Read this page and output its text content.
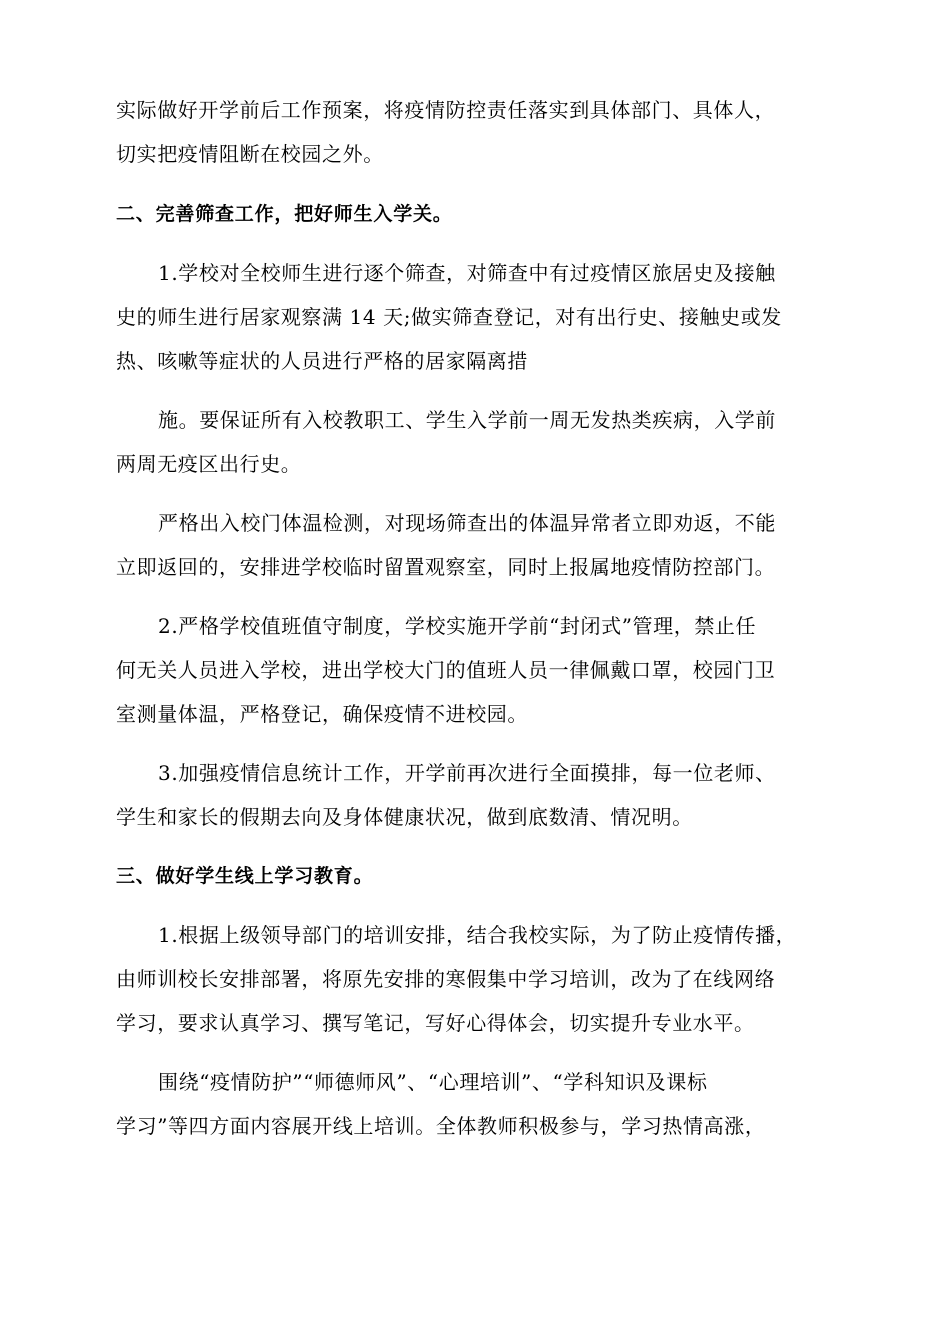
实际做好开学前后工作预案，将疫情防控责任落实到具体部门、具体人，
切实把疫情阻断在校园之外。
二、完善筛查工作，把好师生入学关。
1.学校对全校师生进行逐个筛查，对筛查中有过疫情区旅居史及接触
史的师生进行居家观察满 14 天;做实筛查登记，对有出行史、接触史或发
热、咳嗽等症状的人员进行严格的居家隔离措
施。要保证所有入校教职工、学生入学前一周无发热类疾病，入学前
两周无疫区出行史。
严格出入校门体温检测，对现场筛查出的体温异常者立即劝返，不能
立即返回的，安排进学校临时留置观察室，同时上报属地疫情防控部门。
2.严格学校值班值守制度，学校实施开学前“封闭式”管理，禁止任
何无关人员进入学校，进出学校大门的值班人员一律佩戴口罩，校园门卫
室测量体温，严格登记，确保疫情不进校园。
3.加强疫情信息统计工作，开学前再次进行全面摸排，每一位老师、
学生和家长的假期去向及身体健康状况，做到底数清、情况明。
三、做好学生线上学习教育。
1.根据上级领导部门的培训安排，结合我校实际，为了防止疫情传播，
由师训校长安排部署，将原先安排的寒假集中学习培训，改为了在线网络
学习，要求认真学习、撰写笔记，写好心得体会，切实提升专业水平。
围绕“疫情防护”“师德师风”、“心理培训”、“学科知识及课标
学习”等四方面内容展开线上培训。全体教师积极参与，学习热情高涨，
